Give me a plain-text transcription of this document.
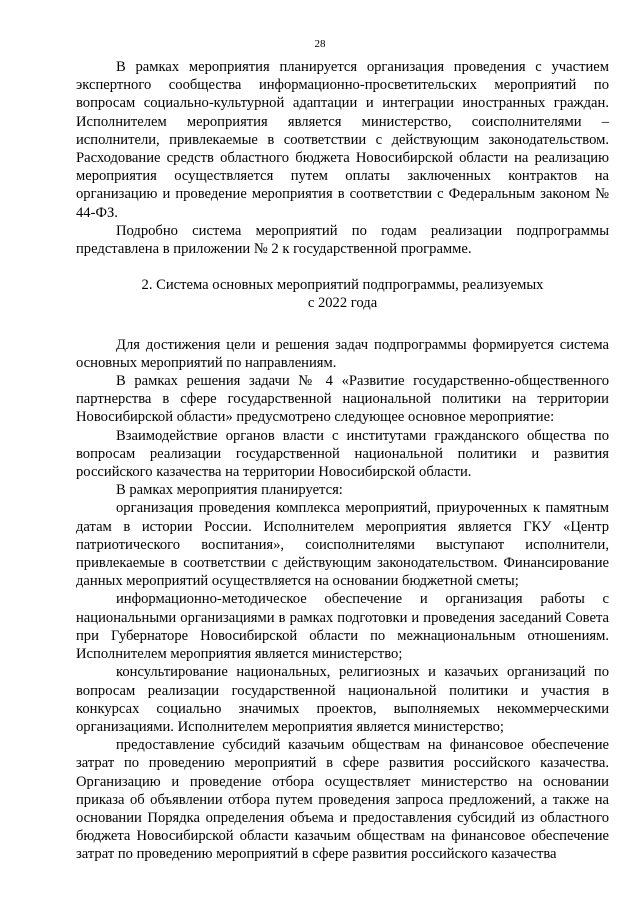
28

В рамках мероприятия планируется организация проведения с участием экспертного сообщества информационно-просветительских мероприятий по вопросам социально-культурной адаптации и интеграции иностранных граждан. Исполнителем мероприятия является министерство, соисполнителями – исполнители, привлекаемые в соответствии с действующим законодательством. Расходование средств областного бюджета Новосибирской области на реализацию мероприятия осуществляется путем оплаты заключенных контрактов на организацию и проведение мероприятия в соответствии с Федеральным законом № 44-ФЗ.

Подробно система мероприятий по годам реализации подпрограммы представлена в приложении № 2 к государственной программе.

2. Система основных мероприятий подпрограммы, реализуемых
с 2022 года

Для достижения цели и решения задач подпрограммы формируется система основных мероприятий по направлениям.

В рамках решения задачи № 4 «Развитие государственно-общественного партнерства в сфере государственной национальной политики на территории Новосибирской области» предусмотрено следующее основное мероприятие:

Взаимодействие органов власти с институтами гражданского общества по вопросам реализации государственной национальной политики и развития российского казачества на территории Новосибирской области.

В рамках мероприятия планируется:

организация проведения комплекса мероприятий, приуроченных к памятным датам в истории России. Исполнителем мероприятия является ГКУ «Центр патриотического воспитания», соисполнителями выступают исполнители, привлекаемые в соответствии с действующим законодательством. Финансирование данных мероприятий осуществляется на основании бюджетной сметы;

информационно-методическое обеспечение и организация работы с национальными организациями в рамках подготовки и проведения заседаний Совета при Губернаторе Новосибирской области по межнациональным отношениям. Исполнителем мероприятия является министерство;

консультирование национальных, религиозных и казачьих организаций по вопросам реализации государственной национальной политики и участия в конкурсах социально значимых проектов, выполняемых некоммерческими организациями. Исполнителем мероприятия является министерство;

предоставление субсидий казачьим обществам на финансовое обеспечение затрат по проведению мероприятий в сфере развития российского казачества. Организацию и проведение отбора осуществляет министерство на основании приказа об объявлении отбора путем проведения запроса предложений, а также на основании Порядка определения объема и предоставления субсидий из областного бюджета Новосибирской области казачьим обществам на финансовое обеспечение затрат по проведению мероприятий в сфере развития российского казачества
